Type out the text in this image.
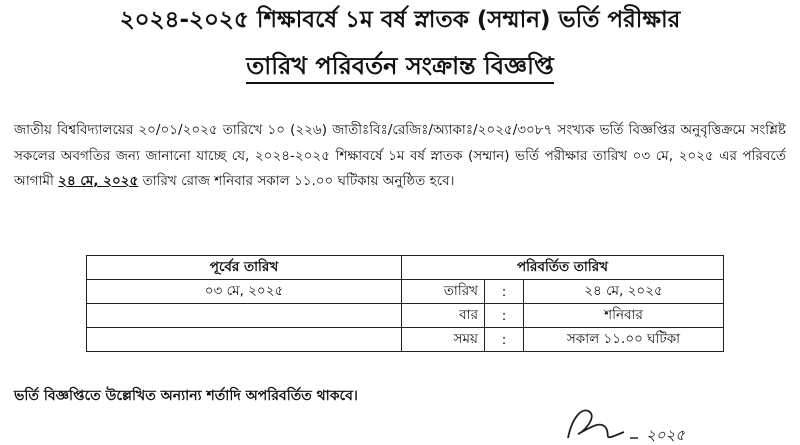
২০২৪-২০২৫ শিক্ষাবর্ষে ১ম বর্ষ স্নাতক (সম্মান) ভর্তি পরীক্ষার
তারিখ পরিবর্তন সংক্রান্ত বিজ্ঞপ্তি
জাতীয় বিশ্ববিদ্যালয়ের ২০/০১/২০২৫ তারিখে ১০ (২২৬) জাতীঃবিঃ/রেজিঃ/অ্যাকাঃ/২০২৫/৩০৮৭ সংখ্যক ভর্তি বিজ্ঞপ্তির অনুবৃত্তিক্রমে সংশ্লিষ্ট সকলের অবগতির জন্য জানানো যাচ্ছে যে, ২০২৪-২০২৫ শিক্ষাবর্ষে ১ম বর্ষ স্নাতক (সম্মান) ভর্তি পরীক্ষার তারিখ ০৩ মে, ২০২৫ এর পরিবর্তে আগামী ২৪ মে, ২০২৫ তারিখ রোজ শনিবার সকাল ১১.০০ ঘটিকায় অনুষ্ঠিত হবে।
পূর্বের তারিখ	পরিবর্তিত তারিখ		
০৩ মে, ২০২৫	তারিখ	:	২৪ মে, ২০২৫
	বার	:	শনিবার
	সময়	:	সকাল ১১.০০ ঘটিকা
ভর্তি বিজ্ঞপ্তিতে উল্লেখিত অন্যান্য শর্তাদি অপরিবর্তিত থাকবে।
২০২৫
